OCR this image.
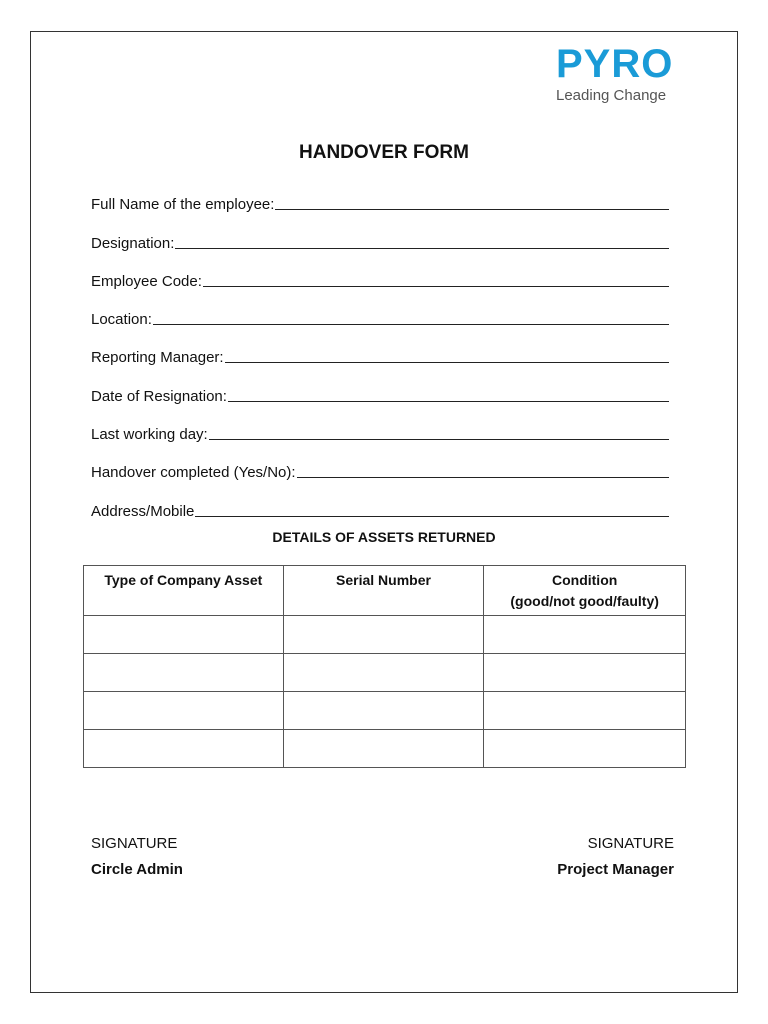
PYRO
Leading Change
HANDOVER FORM
Full Name of the employee:
Designation:
Employee Code:
Location:
Reporting Manager:
Date of Resignation:
Last working day:
Handover completed (Yes/No):
Address/Mobile
DETAILS OF ASSETS RETURNED
Type of Company Asset	Serial Number	Condition
(good/not good/faulty)

SIGNATURE
Circle Admin
SIGNATURE
Project Manager
